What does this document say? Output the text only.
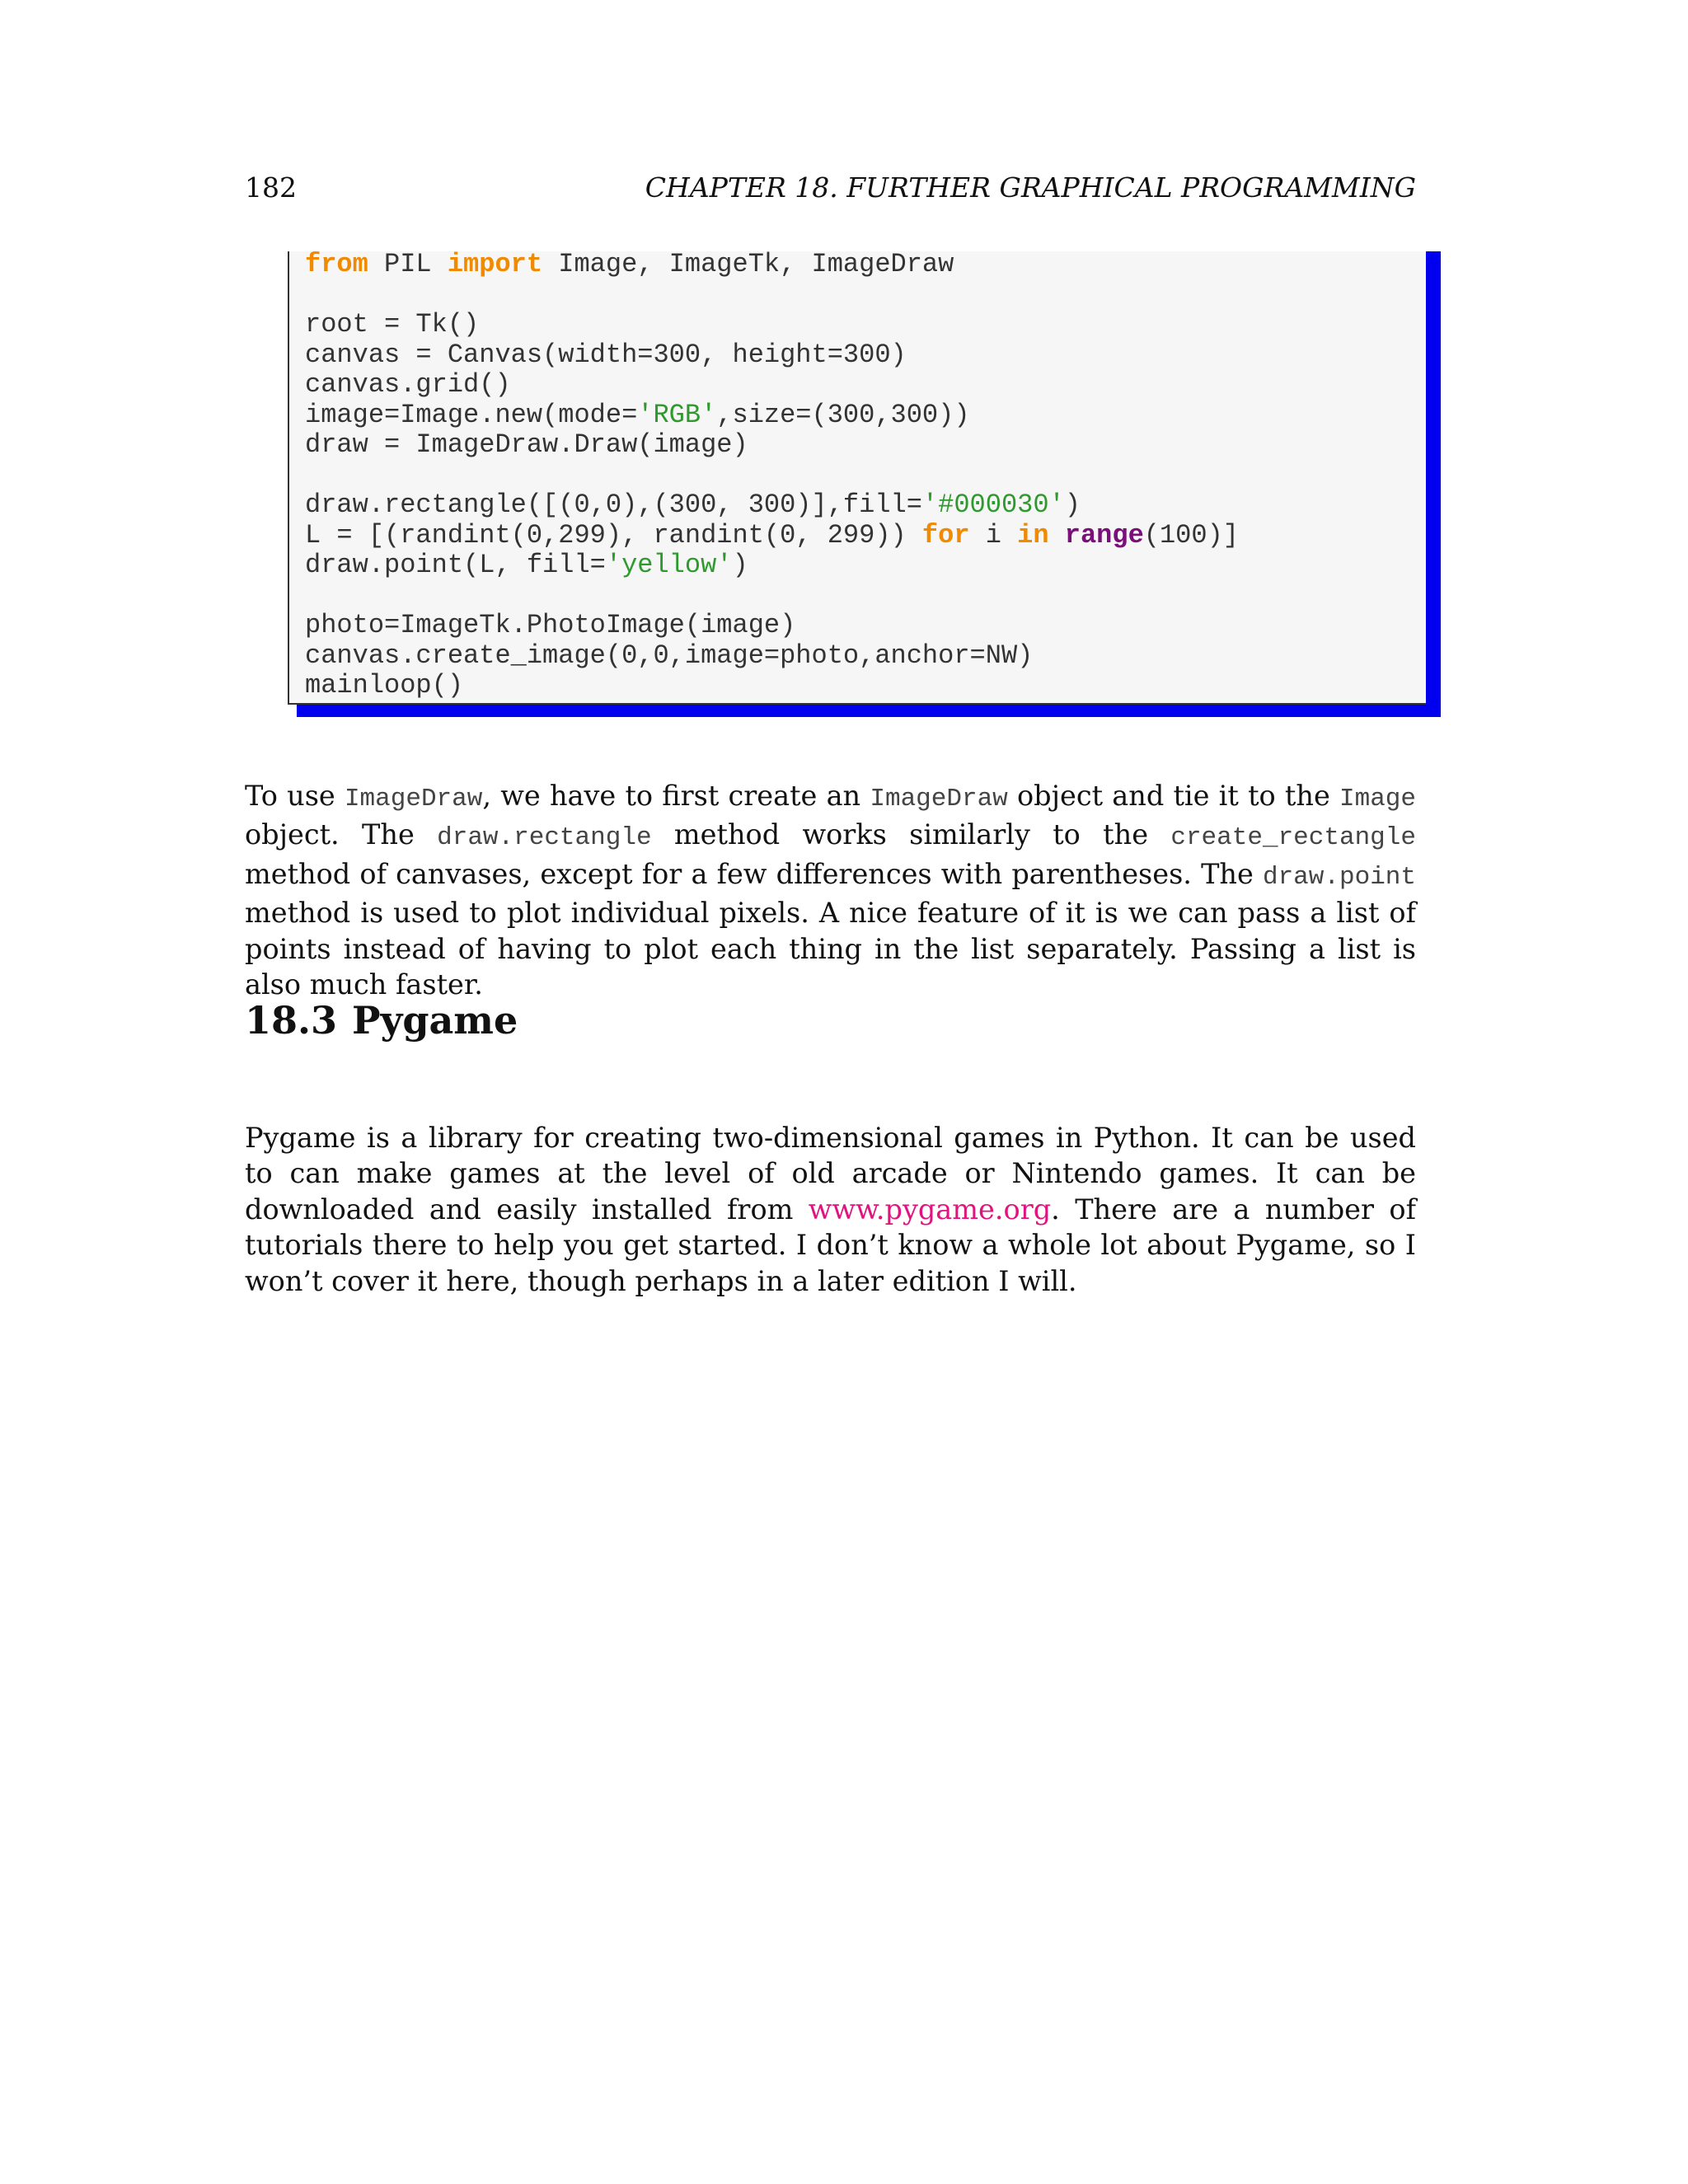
182	CHAPTER 18. FURTHER GRAPHICAL PROGRAMMING
from PIL import Image, ImageTk, ImageDraw
root = Tk()
canvas = Canvas(width=300, height=300)
canvas.grid()
image=Image.new(mode='RGB',size=(300,300))
draw = ImageDraw.Draw(image)
draw.rectangle([(0,0),(300, 300)],fill='#000030')
L = [(randint(0,299), randint(0, 299)) for i in range(100)]
draw.point(L, fill='yellow')
photo=ImageTk.PhotoImage(image)
canvas.create_image(0,0,image=photo,anchor=NW)
mainloop()

To use ImageDraw, we have to first create an ImageDraw object and tie it to the Image object. The draw.rectangle method works similarly to the create_rectangle method of canvases, except for a few differences with parentheses. The draw.point method is used to plot individual pixels. A nice feature of it is we can pass a list of points instead of having to plot each thing in the list separately. Passing a list is also much faster.

18.3 Pygame

Pygame is a library for creating two-dimensional games in Python. It can be used to can make games at the level of old arcade or Nintendo games. It can be downloaded and easily installed from www.pygame.org. There are a number of tutorials there to help you get started. I don’t know a whole lot about Pygame, so I won’t cover it here, though perhaps in a later edition I will.
